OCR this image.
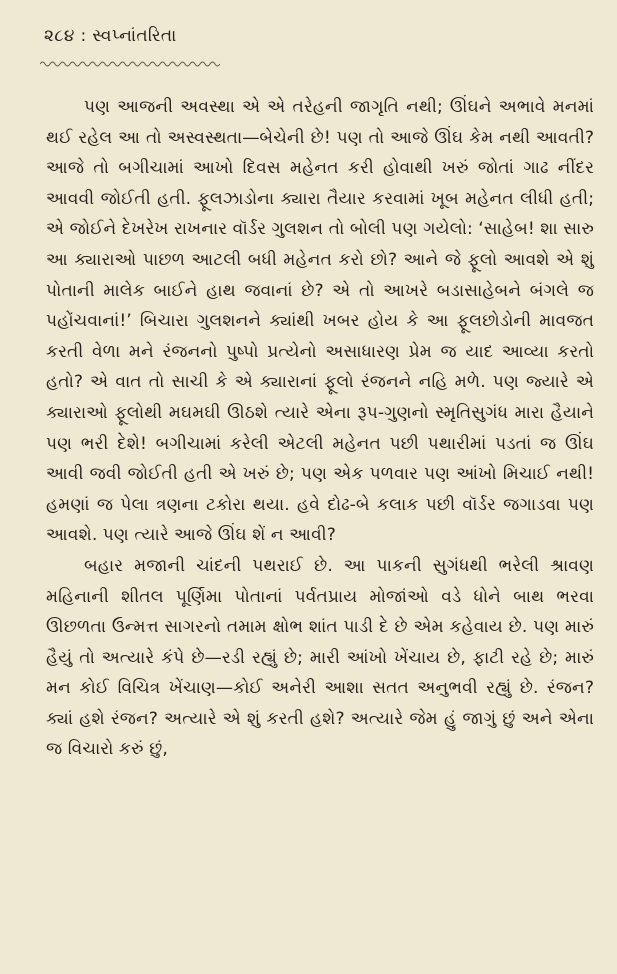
૨૮૪ : સ્વપ્નાંતરિતા

પણ આજની અવસ્થા એ એ તરેહની જાગૃતિ નથી; ઊંઘને અભાવે મનમાં થઈ રહેલ આ તો અસ્વસ્થતા—બેચેની છે! પણ તો આજે ઊંઘ કેમ નથી આવતી? આજે તો બગીચામાં આખો દિવસ મહેનત કરી હોવાથી ખરું જોતાં ગાઢ નીંદર આવવી જોઈતી હતી. ફૂલઝાડોના ક્યારા તૈયાર કરવામાં ખૂબ મહેનત લીધી હતી; એ જોઈને દેખરેખ રાખનાર વૉર્ડર ગુલશન તો બોલી પણ ગયેલો: ‘સાહેબ! શા સારુ આ ક્યારાઓ પાછળ આટલી બધી મહેનત કરો છો? આને જે ફૂલો આવશે એ શું પોતાની માલેક બાઈને હાથ જવાનાં છે? એ તો આખરે બડાસાહેબને બંગલે જ પહોંચવાનાં!’ બિચારા ગુલશનને ક્યાંથી ખબર હોય કે આ ફૂલછોડોની માવજત કરતી વેળા મને રંજનનો પુષ્પો પ્રત્યેનો અસાધારણ પ્રેમ જ યાદ આવ્યા કરતો હતો? એ વાત તો સાચી કે એ ક્યારાનાં ફૂલો રંજનને નહિ મળે. પણ જ્યારે એ ક્યારાઓ ફૂલોથી મઘમઘી ઊઠશે ત્યારે એના રૂપ-ગુણનો સ્મૃતિસુગંધ મારા હૈયાને પણ ભરી દેશે! બગીચામાં કરેલી એટલી મહેનત પછી પથારીમાં પડતાં જ ઊંઘ આવી જવી જોઈતી હતી એ ખરું છે; પણ એક પળવાર પણ આંખો મિચાઈ નથી! હમણાં જ પેલા ત્રણના ટકોરા થયા. હવે દોઢ-બે કલાક પછી વૉર્ડર જગાડવા પણ આવશે. પણ ત્યારે આજે ઊંઘ શેં ન આવી?

બહાર મજાની ચાંદની પથરાઈ છે. આ પાકની સુગંધથી ભરેલી શ્રાવણ મહિનાની શીતલ પૂર્ણિમા પોતાનાં પર્વતપ્રાય મોજાંઓ વડે ધોને બાથ ભરવા ઊછળતા ઉન્મત્ત સાગરનો તમામ ક્ષોભ શાંત પાડી દે છે એમ કહેવાય છે. પણ મારું હૈયું તો અત્યારે કંપે છે—રડી રહ્યું છે; મારી આંખો ખેંચાય છે, ફાટી રહે છે; મારું મન કોઈ વિચિત્ર ખેંચાણ—કોઈ અનેરી આશા સતત અનુભવી રહ્યું છે. રંજન? ક્યાં હશે રંજન? અત્યારે એ શું કરતી હશે? અત્યારે જેમ હું જાગું છું અને એના જ વિચારો કરું છું,
